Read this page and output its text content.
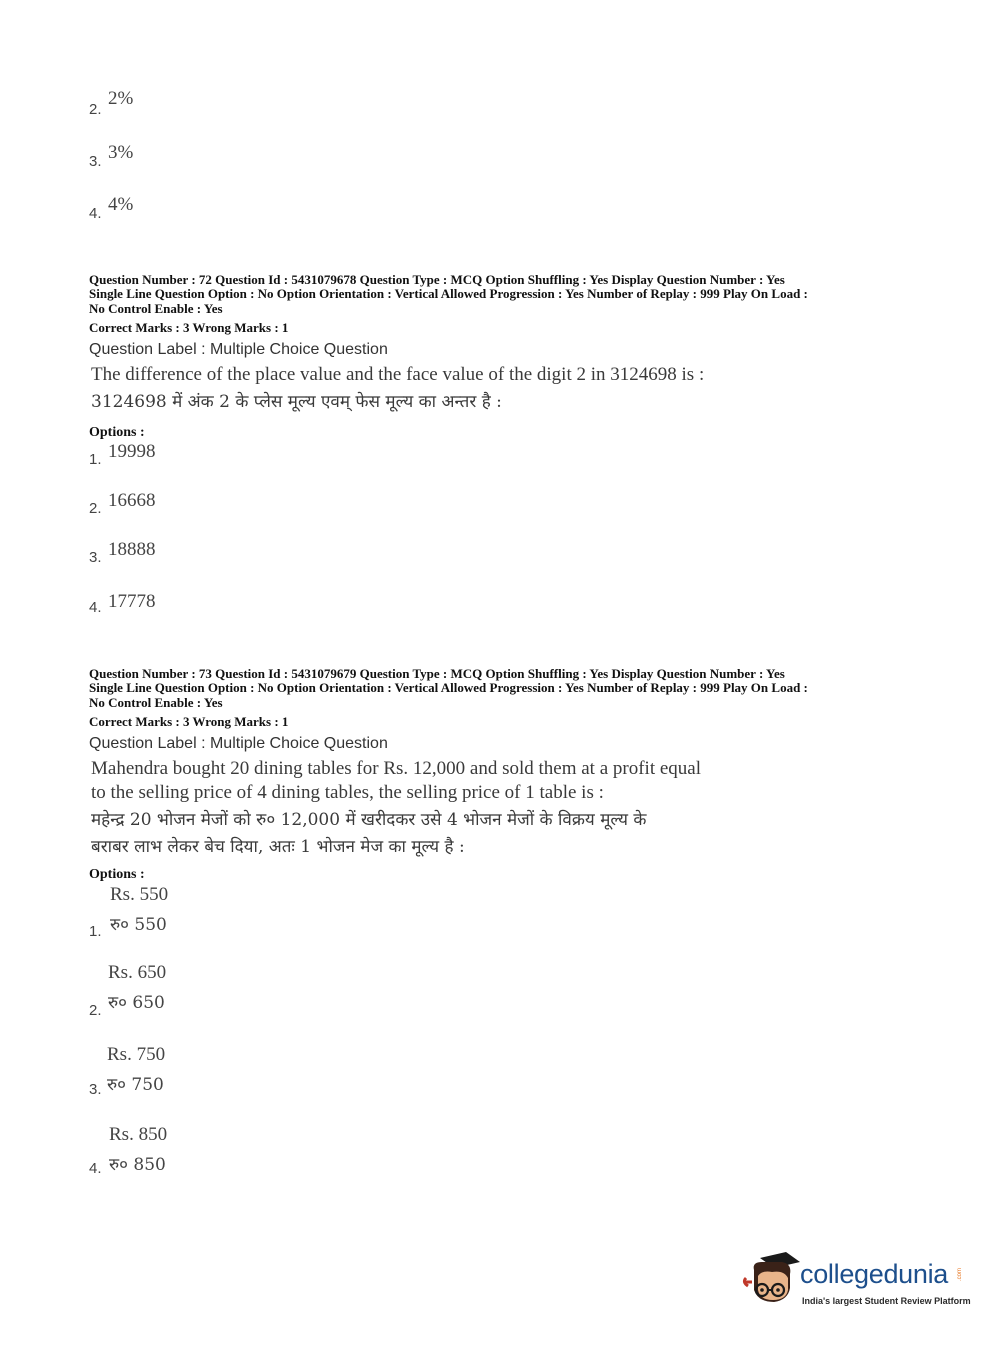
2.
2%
3. 3%
4. 4%
Question Number : 72 Question Id : 5431079678 Question Type : MCQ Option Shuffling : Yes Display Question Number : Yes
Single Line Question Option : No Option Orientation : Vertical Allowed Progression : Yes Number of Replay : 999 Play On Load :
No Control Enable : Yes
Correct Marks : 3 Wrong Marks : 1
Question Label : Multiple Choice Question
The difference of the place value and the face value of the digit 2 in 3124698 is :
3124698 में अंक 2 के प्लेस मूल्य एवम् फेस मूल्य का अन्तर है :
Options :
1. 19998
2. 16668
3. 18888
4. 17778
Question Number : 73 Question Id : 5431079679 Question Type : MCQ Option Shuffling : Yes Display Question Number : Yes
Single Line Question Option : No Option Orientation : Vertical Allowed Progression : Yes Number of Replay : 999 Play On Load :
No Control Enable : Yes
Correct Marks : 3 Wrong Marks : 1
Question Label : Multiple Choice Question
Mahendra bought 20 dining tables for Rs. 12,000 and sold them at a profit equal
to the selling price of 4 dining tables, the selling price of 1 table is :
महेन्द्र 20 भोजन मेजों को रु० 12,000 में खरीदकर उसे 4 भोजन मेजों के विक्रय मूल्य के
बराबर लाभ लेकर बेच दिया, अतः 1 भोजन मेज का मूल्य है :
Options :
Rs. 550
रु० 550
1.
Rs. 650
रु० 650
2.
Rs. 750
रु० 750
3.
Rs. 850
रु० 850
4.
collegedunia .com
India's largest Student Review Platform
